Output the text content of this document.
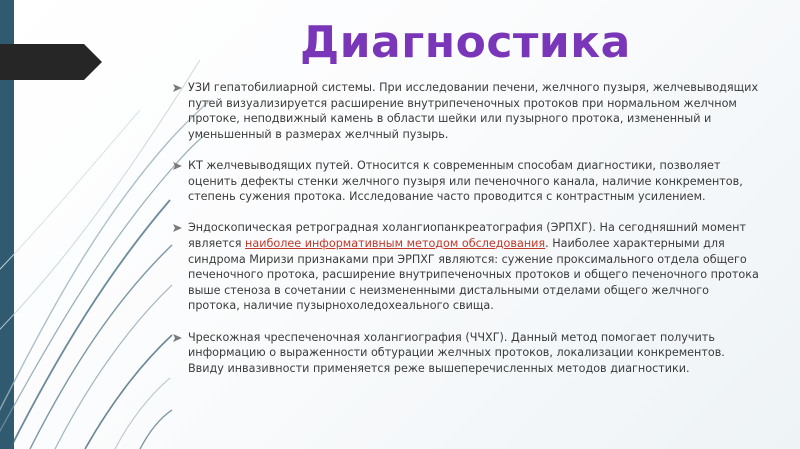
Диагностика
УЗИ гепатобилиарной системы. При исследовании печени, желчного пузыря, желчевыводящих путей визуализируется расширение внутрипеченочных протоков при нормальном желчном протоке, неподвижный камень в области шейки или пузырного протока, измененный и уменьшенный в размерах желчный пузырь.
КТ желчевыводящих путей. Относится к современным способам диагностики, позволяет оценить дефекты стенки желчного пузыря или печеночного канала, наличие конкрементов, степень сужения протока. Исследование часто проводится с контрастным усилением.
Эндоскопическая ретроградная холангиопанкреатография (ЭРПХГ). На сегодняшний момент является наиболее информативным методом обследования. Наиболее характерными для синдрома Миризи признаками при ЭРПХГ являются: сужение проксимального отдела общего печеночного протока, расширение внутрипеченочных протоков и общего печеночного протока выше стеноза в сочетании с неизмененными дистальными отделами общего желчного протока, наличие пузырнохоледохеального свища.
Чрескожная чреспеченочная холангиография (ЧЧХГ). Данный метод помогает получить информацию о выраженности обтурации желчных протоков, локализации конкрементов. Ввиду инвазивности применяется реже вышеперечисленных методов диагностики.
